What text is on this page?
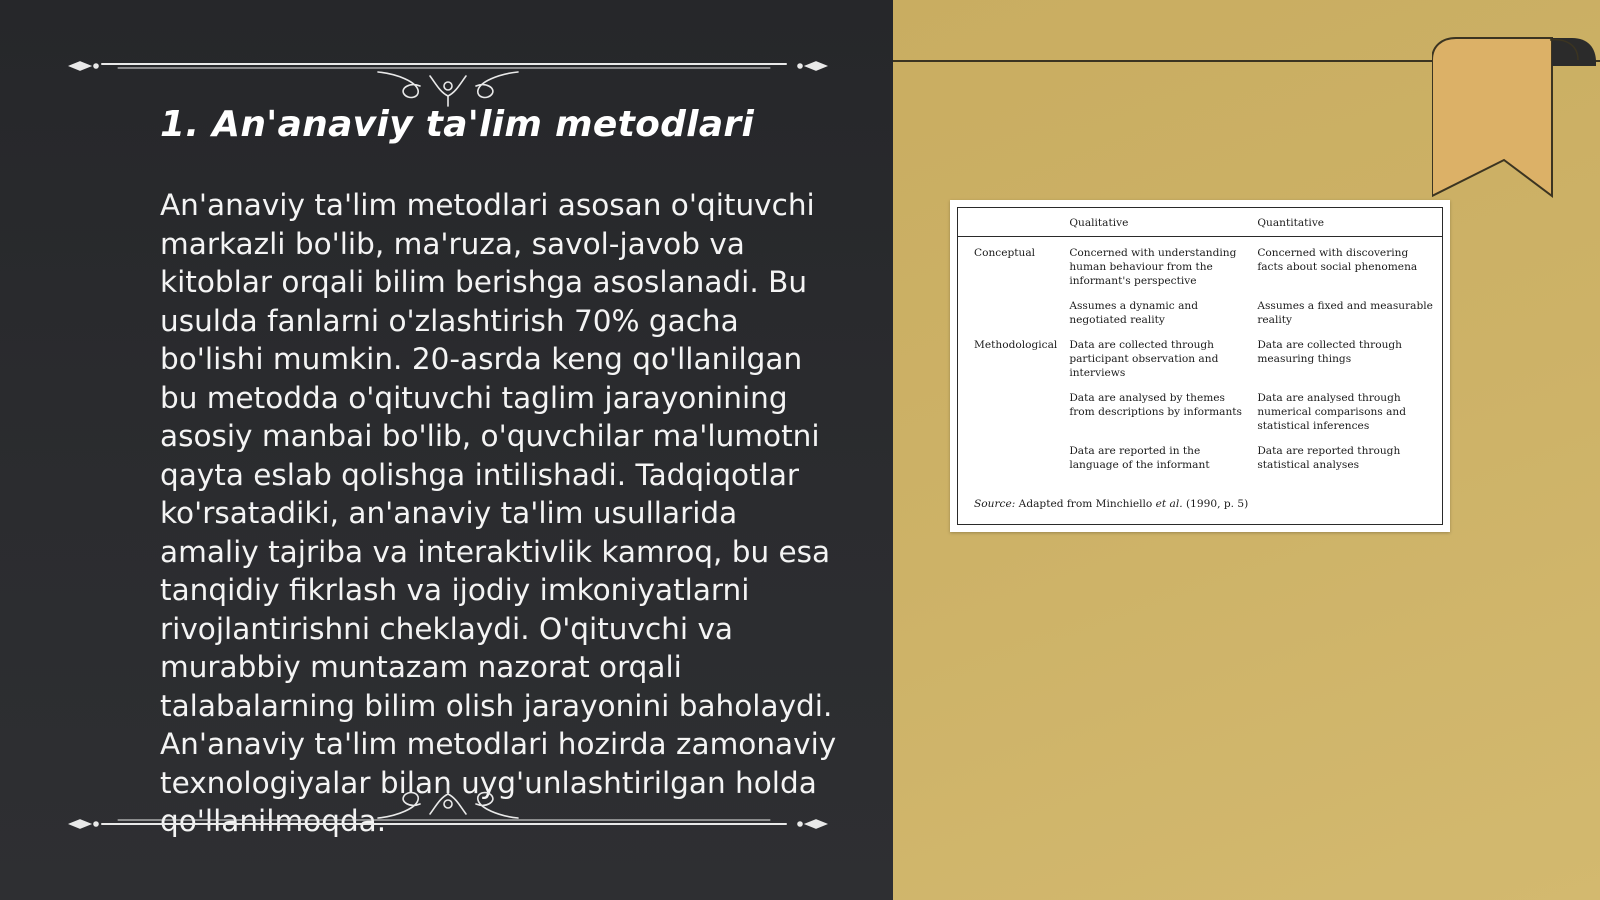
1. An'anaviy ta'lim metodlari

An'anaviy ta'lim metodlari asosan o'qituvchi markazli bo'lib, ma'ruza, savol-javob va kitoblar orqali bilim berishga asoslanadi. Bu usulda fanlarni o'zlashtirish 70% gacha bo'lishi mumkin. 20-asrda keng qo'llanilgan bu metodda o'qituvchi taglim jarayonining asosiy manbai bo'lib, o'quvchilar ma'lumotni qayta eslab qolishga intilishadi. Tadqiqotlar ko'rsatadiki, an'anaviy ta'lim usullarida amaliy tajriba va interaktivlik kamroq, bu esa tanqidiy fikrlash va ijodiy imkoniyatlarni rivojlantirishni cheklaydi. O'qituvchi va murabbiy muntazam nazorat orqali talabalarning bilim olish jarayonini baholaydi. An'anaviy ta'lim metodlari hozirda zamonaviy texnologiyalar bilan uyg'unlashtirilgan holda qo'llanilmoqda.

	Qualitative	Quantitative
Conceptual	Concerned with understanding human behaviour from the informant's perspective	Concerned with discovering facts about social phenomena
	Assumes a dynamic and negotiated reality	Assumes a fixed and measurable reality
Methodological	Data are collected through participant observation and interviews	Data are collected through measuring things
	Data are analysed by themes from descriptions by informants	Data are analysed through numerical comparisons and statistical inferences
	Data are reported in the language of the informant	Data are reported through statistical analyses
Source: Adapted from Minchiello et al. (1990, p. 5)
